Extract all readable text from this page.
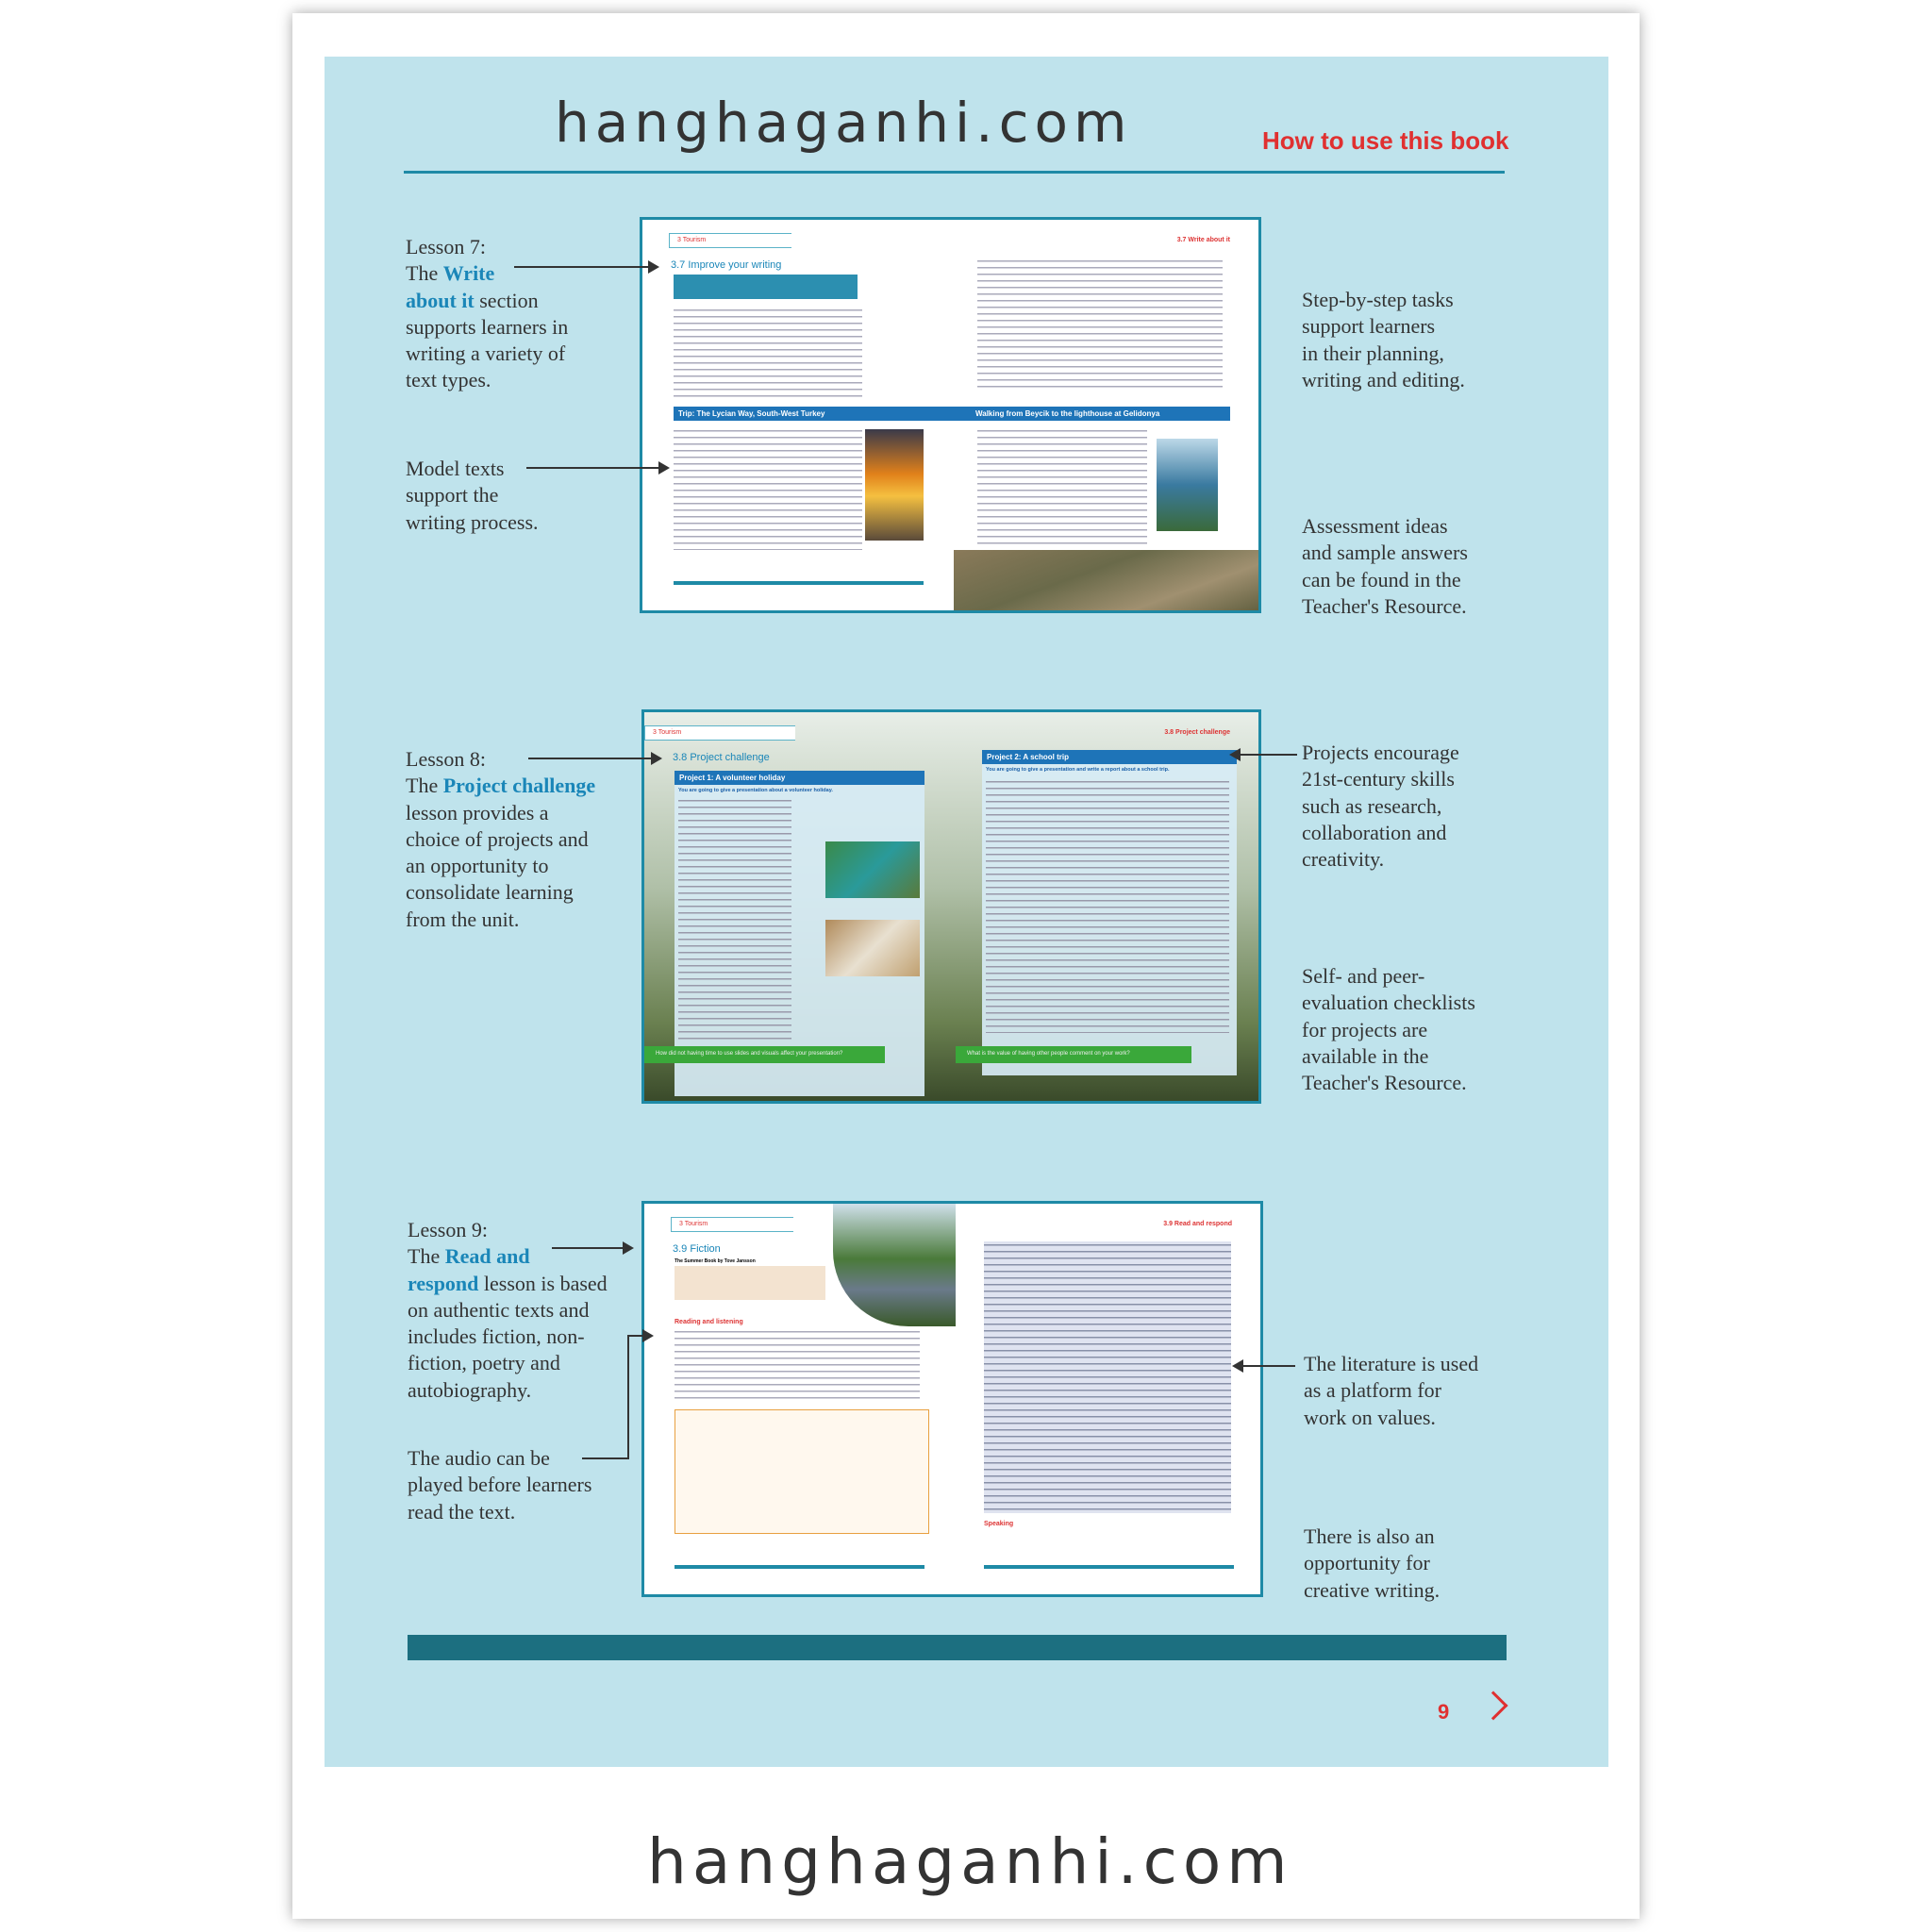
hanghaganhi.com	How to use this book
3 Tourism	3.7 Write about it
3.7 Improve your writing
Trip: The Lycian Way, South-West Turkey	Walking from Beycik to the lighthouse at Gelidonya
3 Tourism	3.8 Project challenge
3.8 Project challenge
Project 1: A volunteer holiday
You are going to give a presentation about a volunteer holiday.
How did not having time to use slides and visuals affect your presentation?
Project 2: A school trip
You are going to give a presentation and write a report about a school trip.
What is the value of having other people comment on your work?
3 Tourism	3.9 Read and respond
3.9 Fiction
The Summer Book by Tove Jansson
Reading and listening
Speaking
Lesson 7:
The Write
about it section
supports learners in
writing a variety of
text types.
Model texts
support the
writing process.
Lesson 8:
The Project challenge
lesson provides a
choice of projects and
an opportunity to
consolidate learning
from the unit.
Lesson 9:
The Read and
respond lesson is based
on authentic texts and
includes fiction, non-
fiction, poetry and
autobiography.
The audio can be
played before learners
read the text.
Step-by-step tasks
support learners
in their planning,
writing and editing.
Assessment ideas
and sample answers
can be found in the
Teacher's Resource.
Projects encourage
21st-century skills
such as research,
collaboration and
creativity.
Self- and peer-
evaluation checklists
for projects are
available in the
Teacher's Resource.
The literature is used
as a platform for
work on values.
There is also an
opportunity for
creative writing.
9
hanghaganhi.com
